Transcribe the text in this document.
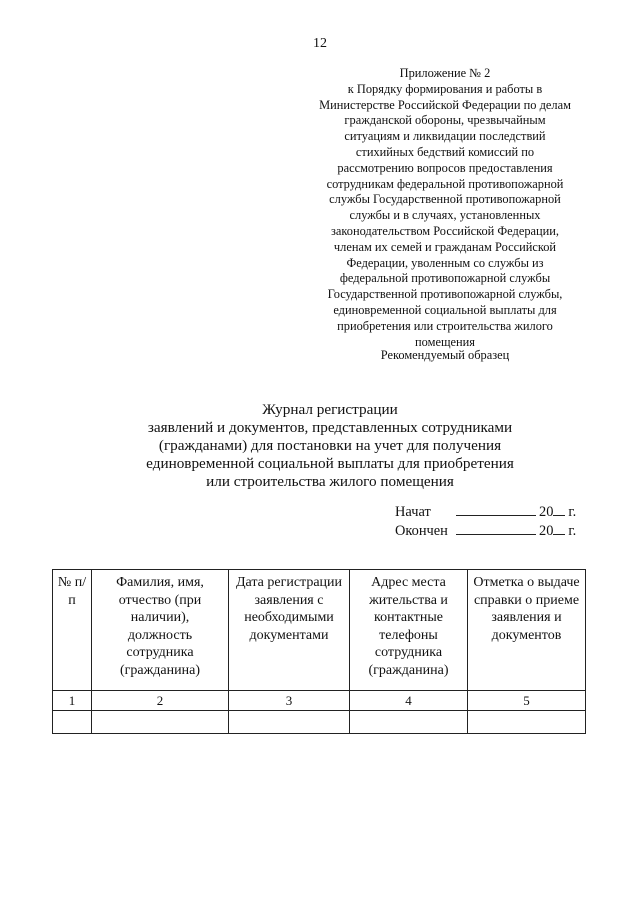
12
Приложение № 2
к Порядку формирования и работы в
Министерстве Российской Федерации по делам
гражданской обороны, чрезвычайным
ситуациям и ликвидации последствий
стихийных бедствий комиссий по
рассмотрению вопросов предоставления
сотрудникам федеральной противопожарной
службы Государственной противопожарной
службы и в случаях, установленных
законодательством Российской Федерации,
членам их семей и гражданам Российской
Федерации, уволенным со службы из
федеральной противопожарной службы
Государственной противопожарной службы,
единовременной социальной выплаты для
приобретения или строительства жилого
помещения
Рекомендуемый образец
Журнал регистрации
заявлений и документов, представленных сотрудниками
(гражданами) для постановки на учет для получения
единовременной социальной выплаты для приобретения
или строительства жилого помещения
Начат	20 г.
Окончен	20 г.
№ п/п	Фамилия, имя, отчество (при наличии), должность сотрудника (гражданина)	Дата регистрации заявления с необходимыми документами	Адрес места жительства и контактные телефоны сотрудника (гражданина)	Отметка о выдаче справки о приеме заявления и документов
1	2	3	4	5
